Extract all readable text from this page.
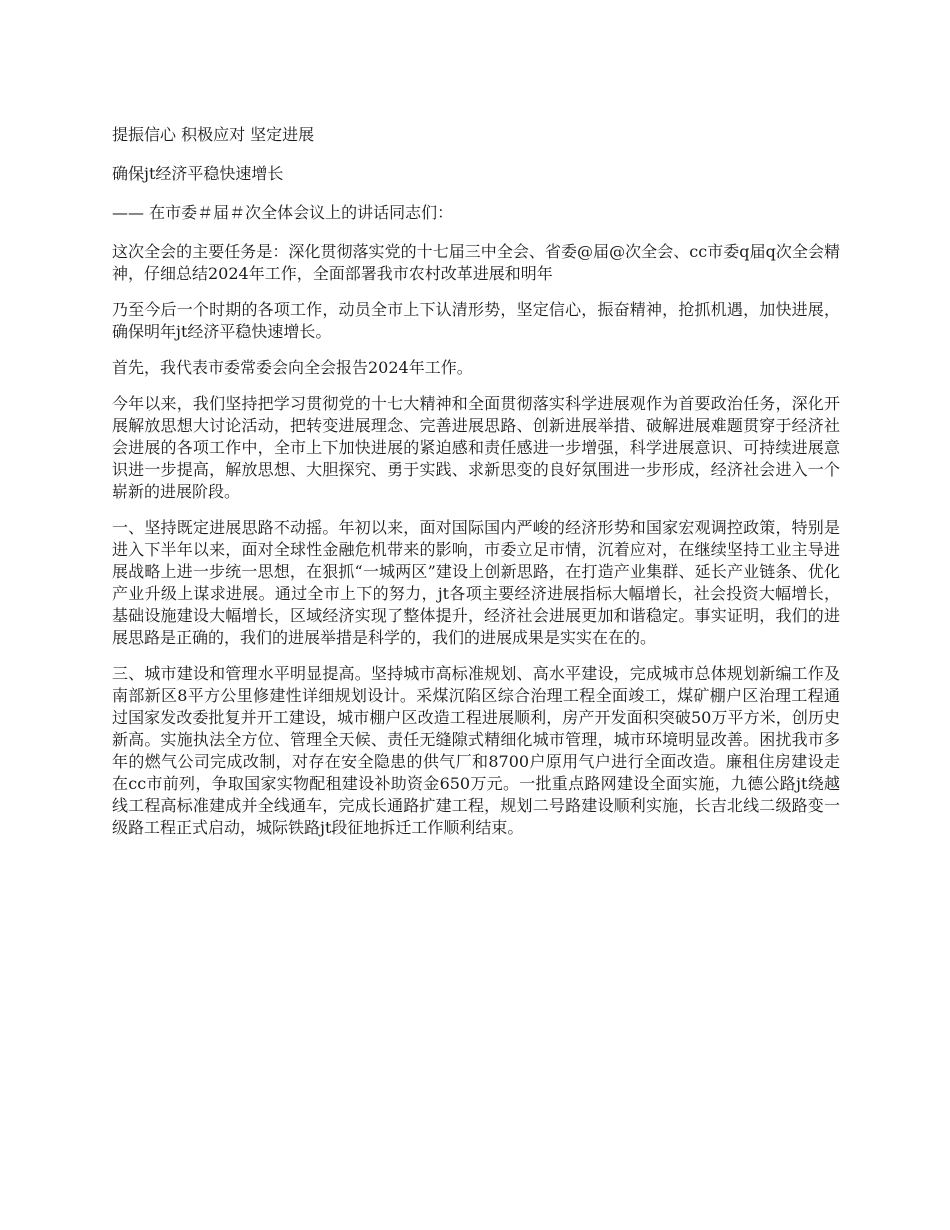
提振信心 积极应对 坚定进展

确保jt经济平稳快速增长

—— 在市委＃届＃次全体会议上的讲话同志们：

这次全会的主要任务是：深化贯彻落实党的十七届三中全会、省委@届@次全会、cc市委q届q次全会精神，仔细总结2024年工作，全面部署我市农村改革进展和明年

乃至今后一个时期的各项工作，动员全市上下认清形势，坚定信心，振奋精神，抢抓机遇，加快进展，确保明年jt经济平稳快速增长。

首先，我代表市委常委会向全会报告2024年工作。

今年以来，我们坚持把学习贯彻党的十七大精神和全面贯彻落实科学进展观作为首要政治任务，深化开展解放思想大讨论活动，把转变进展理念、完善进展思路、创新进展举措、破解进展难题贯穿于经济社会进展的各项工作中，全市上下加快进展的紧迫感和责任感进一步增强，科学进展意识、可持续进展意识进一步提高，解放思想、大胆探究、勇于实践、求新思变的良好氛围进一步形成，经济社会进入一个崭新的进展阶段。

一、坚持既定进展思路不动摇。年初以来，面对国际国内严峻的经济形势和国家宏观调控政策，特别是进入下半年以来，面对全球性金融危机带来的影响，市委立足市情，沉着应对，在继续坚持工业主导进展战略上进一步统一思想，在狠抓“一城两区”建设上创新思路，在打造产业集群、延长产业链条、优化产业升级上谋求进展。通过全市上下的努力，jt各项主要经济进展指标大幅增长，社会投资大幅增长，基础设施建设大幅增长，区域经济实现了整体提升，经济社会进展更加和谐稳定。事实证明，我们的进展思路是正确的，我们的进展举措是科学的，我们的进展成果是实实在在的。

三、城市建设和管理水平明显提高。坚持城市高标准规划、高水平建设，完成城市总体规划新编工作及南部新区8平方公里修建性详细规划设计。采煤沉陷区综合治理工程全面竣工，煤矿棚户区治理工程通过国家发改委批复并开工建设，城市棚户区改造工程进展顺利，房产开发面积突破50万平方米，创历史新高。实施执法全方位、管理全天候、责任无缝隙式精细化城市管理，城市环境明显改善。困扰我市多年的燃气公司完成改制，对存在安全隐患的供气厂和8700户原用气户进行全面改造。廉租住房建设走在cc市前列，争取国家实物配租建设补助资金650万元。一批重点路网建设全面实施，九德公路jt绕越线工程高标准建成并全线通车，完成长通路扩建工程，规划二号路建设顺利实施，长吉北线二级路变一级路工程正式启动，城际铁路jt段征地拆迁工作顺利结束。
